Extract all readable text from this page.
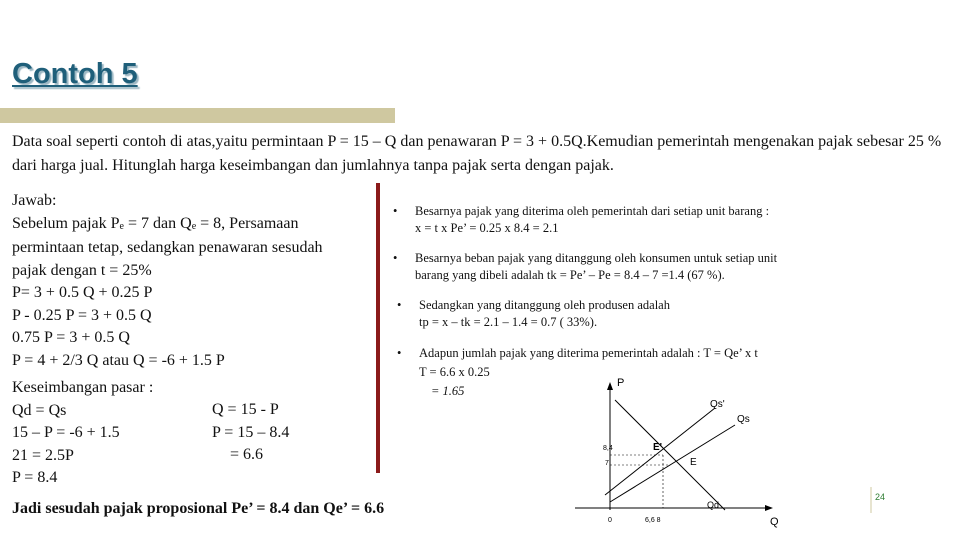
Contoh 5
Data soal seperti contoh di atas,yaitu permintaan P = 15 – Q dan penawaran P = 3 + 0.5Q.Kemudian pemerintah mengenakan pajak sebesar 25 % dari harga jual. Hitunglah harga keseimbangan dan jumlahnya tanpa pajak serta dengan pajak.
Jawab:
Sebelum pajak Pe = 7 dan Qe = 8, Persamaan
permintaan tetap, sedangkan penawaran sesudah
pajak dengan t = 25%
P= 3 + 0.5 Q + 0.25 P
P - 0.25 P = 3 + 0.5 Q
0.75 P = 3 + 0.5 Q
P = 4 + 2/3 Q atau Q = -6 + 1.5 P
Keseimbangan pasar :
Qd = Qs
15 – P = -6 + 1.5
21 = 2.5P
P = 8.4
Q = 15 - P
P = 15 – 8.4
= 6.6
• Besarnya pajak yang diterima oleh pemerintah dari setiap unit barang :
x = t x Pe’ = 0.25 x 8.4 = 2.1
• Besarnya beban pajak yang ditanggung oleh konsumen untuk setiap unit
barang yang dibeli adalah tk = Pe’ – Pe = 8.4 – 7 =1.4 (67 %).
• Sedangkan yang ditanggung oleh produsen adalah
tp = x – tk = 2.1 – 1.4 = 0.7 ( 33%).
• Adapun jumlah pajak yang diterima pemerintah adalah : T = Qe’ x t
T = 6.6 x 0.25
= 1.65
P
Q
Qs'
Qs
E'
E
8,4
7
0	6,6 8
Qd
Jadi sesudah pajak proposional Pe’ = 8.4 dan Qe’ = 6.6
24
